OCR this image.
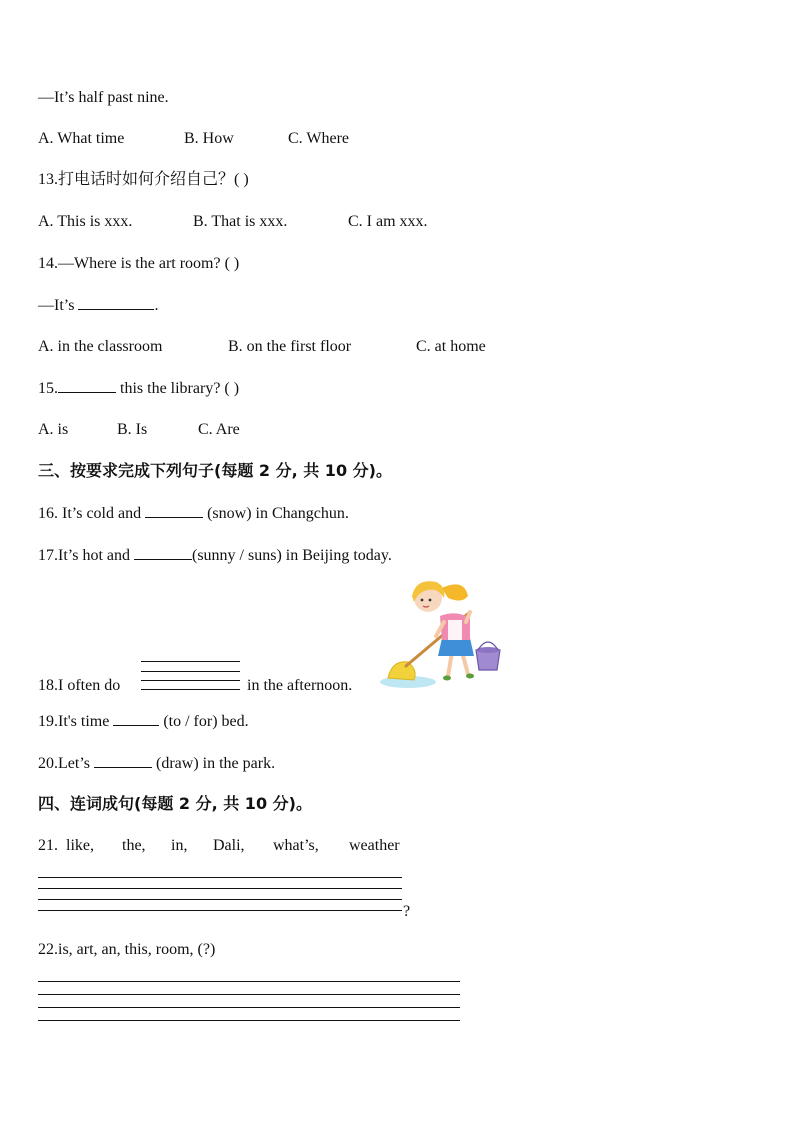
—It’s half past nine.
A. What time	B. How	C. Where
13.打电话时如何介绍自己？( )
A. This is xxx.	B. That is xxx.	C. I am xxx.
14.—Where is the art room? ( )
—It’s	.
A. in the classroom	B. on the first floor	C. at home
15.	this the library? ( )
A. is	B. Is	C. Are
三、按要求完成下列句子(每题 2 分, 共 10 分)。
16. It’s cold and	(snow) in Changchun.
17.It’s hot and	(sunny / suns) in Beijing today.
18.I often do	in the afternoon.
19.It's time	(to / for) bed.
20.Let’s	(draw) in the park.
四、连词成句(每题 2 分, 共 10 分)。
21. like, the, in, Dali, what’s, weather
?
22.is, art, an, this, room, (?)
